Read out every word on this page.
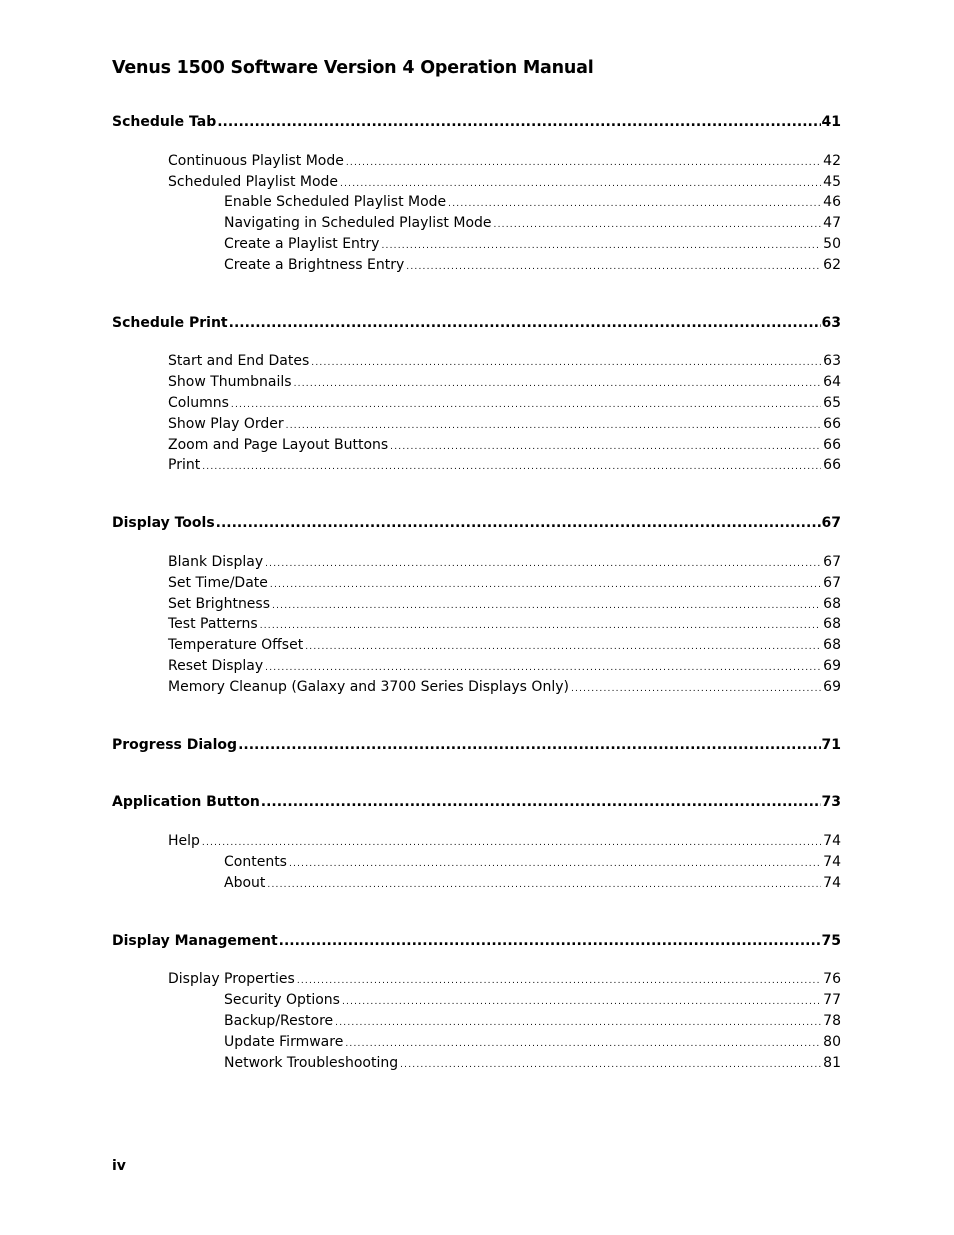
Venus 1500 Software Version 4 Operation Manual
Schedule Tab .....	41
Continuous Playlist Mode .....	42
Scheduled Playlist Mode .....	45
Enable Scheduled Playlist Mode .....	46
Navigating in Scheduled Playlist Mode .....	47
Create a Playlist Entry .....	50
Create a Brightness Entry .....	62
Schedule Print .....	63
Start and End Dates .....	63
Show Thumbnails .....	64
Columns .....	65
Show Play Order .....	66
Zoom and Page Layout Buttons .....	66
Print .....	66
Display Tools .....	67
Blank Display .....	67
Set Time/Date .....	67
Set Brightness .....	68
Test Patterns .....	68
Temperature Offset .....	68
Reset Display .....	69
Memory Cleanup (Galaxy and 3700 Series Displays Only) .....	69
Progress Dialog .....	71
Application Button .....	73
Help .....	74
Contents .....	74
About .....	74
Display Management .....	75
Display Properties .....	76
Security Options .....	77
Backup/Restore .....	78
Update Firmware .....	80
Network Troubleshooting .....	81
iv
